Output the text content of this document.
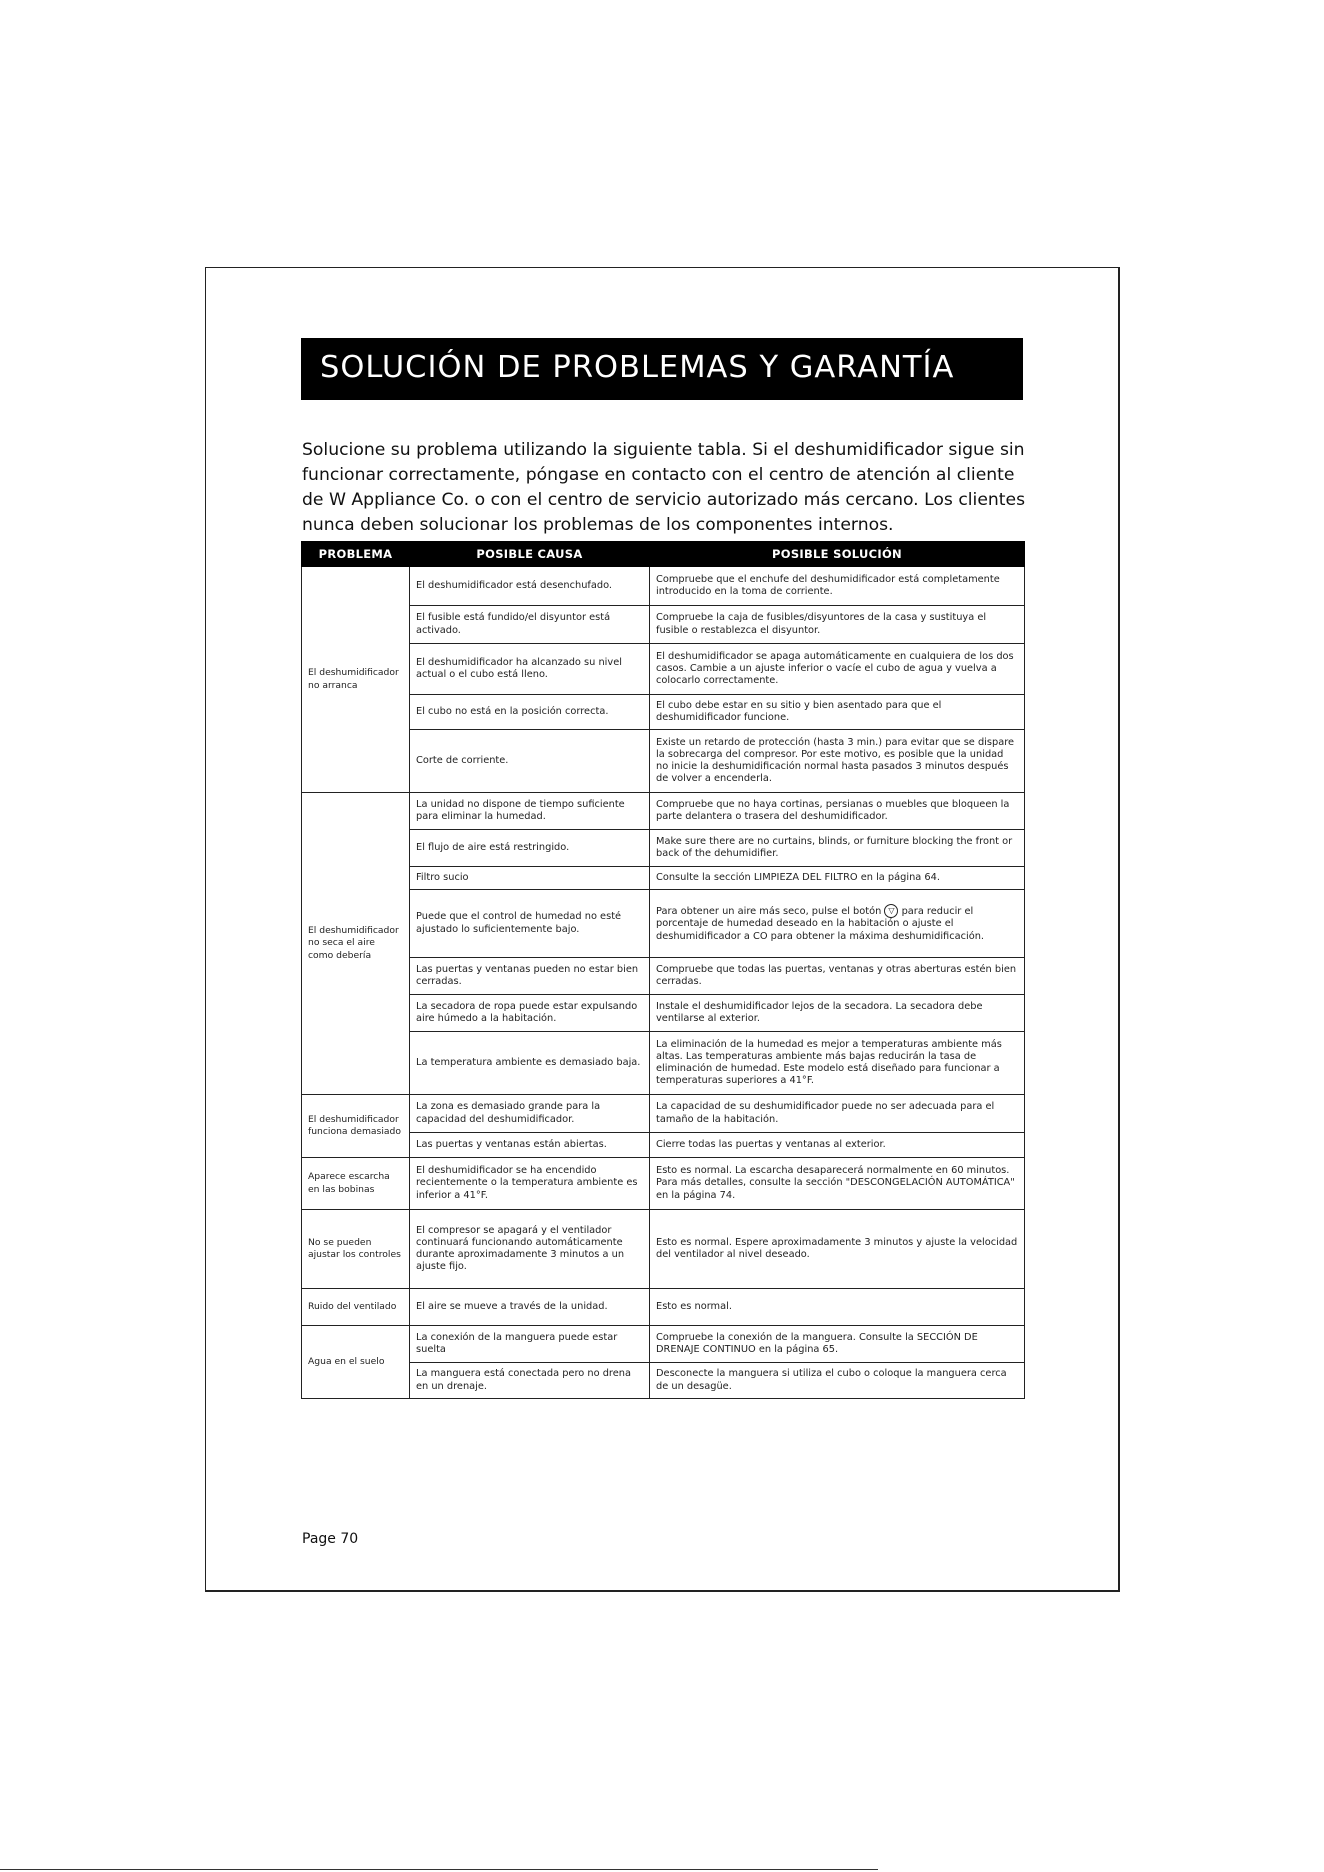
SOLUCIÓN DE PROBLEMAS Y GARANTÍA

Solucione su problema utilizando la siguiente tabla. Si el deshumidificador sigue sin

funcionar correctamente, póngase en contacto con el centro de atención al cliente

de W Appliance Co. o con el centro de servicio autorizado más cercano. Los clientes

nunca deben solucionar los problemas de los componentes internos.

PROBLEMA	POSIBLE CAUSA	POSIBLE SOLUCIÓN
El deshumidificador no arranca	El deshumidificador está desenchufado.	Compruebe que el enchufe del deshumidificador está completamente introducido en la toma de corriente.
	El fusible está fundido/el disyuntor está activado.	Compruebe la caja de fusibles/disyuntores de la casa y sustituya el fusible o restablezca el disyuntor.
	El deshumidificador ha alcanzado su nivel actual o el cubo está lleno.	El deshumidificador se apaga automáticamente en cualquiera de los dos casos. Cambie a un ajuste inferior o vacíe el cubo de agua y vuelva a colocarlo correctamente.
	El cubo no está en la posición correcta.	El cubo debe estar en su sitio y bien asentado para que el deshumidificador funcione.
	Corte de corriente.	Existe un retardo de protección (hasta 3 min.) para evitar que se dispare la sobrecarga del compresor. Por este motivo, es posible que la unidad no inicie la deshumidificación normal hasta pasados 3 minutos después de volver a encenderla.
El deshumidificador no seca el aire como debería	La unidad no dispone de tiempo suficiente para eliminar la humedad.	Compruebe que no haya cortinas, persianas o muebles que bloqueen la parte delantera o trasera del deshumidificador.
	El flujo de aire está restringido.	Make sure there are no curtains, blinds, or furniture blocking the front or back of the dehumidifier.
	Filtro sucio	Consulte la sección LIMPIEZA DEL FILTRO en la página 64.
	Puede que el control de humedad no esté ajustado lo suficientemente bajo.	Para obtener un aire más seco, pulse el botón ▽ para reducir el porcentaje de humedad deseado en la habitación o ajuste el deshumidificador a CO para obtener la máxima deshumidificación.
	Las puertas y ventanas pueden no estar bien cerradas.	Compruebe que todas las puertas, ventanas y otras aberturas estén bien cerradas.
	La secadora de ropa puede estar expulsando aire húmedo a la habitación.	Instale el deshumidificador lejos de la secadora. La secadora debe ventilarse al exterior.
	La temperatura ambiente es demasiado baja.	La eliminación de la humedad es mejor a temperaturas ambiente más altas. Las temperaturas ambiente más bajas reducirán la tasa de eliminación de humedad. Este modelo está diseñado para funcionar a temperaturas superiores a 41°F.
El deshumidificador funciona demasiado	La zona es demasiado grande para la capacidad del deshumidificador.	La capacidad de su deshumidificador puede no ser adecuada para el tamaño de la habitación.
	Las puertas y ventanas están abiertas.	Cierre todas las puertas y ventanas al exterior.
Aparece escarcha en las bobinas	El deshumidificador se ha encendido recientemente o la temperatura ambiente es inferior a 41°F.	Esto es normal. La escarcha desaparecerá normalmente en 60 minutos. Para más detalles, consulte la sección "DESCONGELACIÓN AUTOMÁTICA" en la página 74.
No se pueden ajustar los controles	El compresor se apagará y el ventilador continuará funcionando automáticamente durante aproximadamente 3 minutos a un ajuste fijo.	Esto es normal. Espere aproximadamente 3 minutos y ajuste la velocidad del ventilador al nivel deseado.
Ruido del ventilado	El aire se mueve a través de la unidad.	Esto es normal.
Agua en el suelo	La conexión de la manguera puede estar suelta	Compruebe la conexión de la manguera. Consulte la SECCIÓN DE DRENAJE CONTINUO en la página 65.
	La manguera está conectada pero no drena en un drenaje.	Desconecte la manguera si utiliza el cubo o coloque la manguera cerca de un desagüe.
Page 70
